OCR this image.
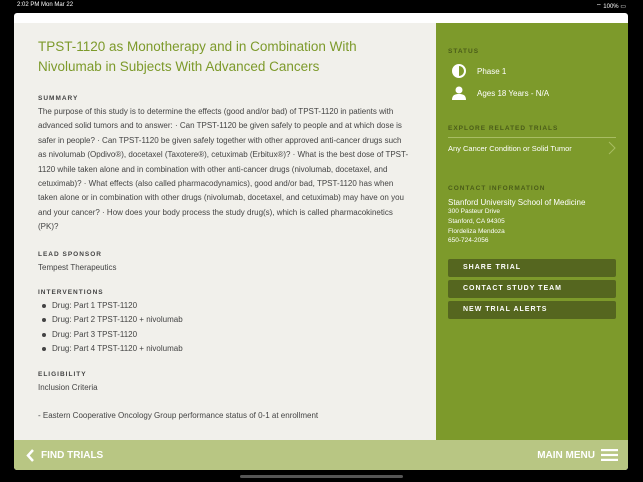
2:02 PM Mon Mar 22	⌔ 100% ▭
TPST-1120 as Monotherapy and in Combination With Nivolumab in Subjects With Advanced Cancers
SUMMARY
The purpose of this study is to determine the effects (good and/or bad) of TPST-1120 in patients with advanced solid tumors and to answer: · Can TPST-1120 be given safely to people and at which dose is safer in people? · Can TPST-1120 be given safely together with other approved anti-cancer drugs such as nivolumab (Opdivo®), docetaxel (Taxotere®), cetuximab (Erbitux®)? · What is the best dose of TPST-1120 while taken alone and in combination with other anti-cancer drugs (nivolumab, docetaxel, and cetuximab)? · What effects (also called pharmacodynamics), good and/or bad, TPST-1120 has when taken alone or in combination with other drugs (nivolumab, docetaxel, and cetuximab) may have on you and your cancer? · How does your body process the study drug(s), which is called pharmacokinetics (PK)?
LEAD SPONSOR
Tempest Therapeutics
INTERVENTIONS
Drug: Part 1 TPST-1120
Drug: Part 2 TPST-1120 + nivolumab
Drug: Part 3 TPST-1120
Drug: Part 4 TPST-1120 + nivolumab
ELIGIBILITY
Inclusion Criteria
- Eastern Cooperative Oncology Group performance status of 0-1 at enrollment
STATUS
Phase 1
Ages 18 Years - N/A
EXPLORE RELATED TRIALS
Any Cancer Condition or Solid Tumor
CONTACT INFORMATION
Stanford University School of Medicine
300 Pasteur Drive
Stanford, CA 94305
Flordeliza Mendoza
650-724-2056
SHARE TRIAL
CONTACT STUDY TEAM
NEW TRIAL ALERTS
FIND TRIALS	MAIN MENU
